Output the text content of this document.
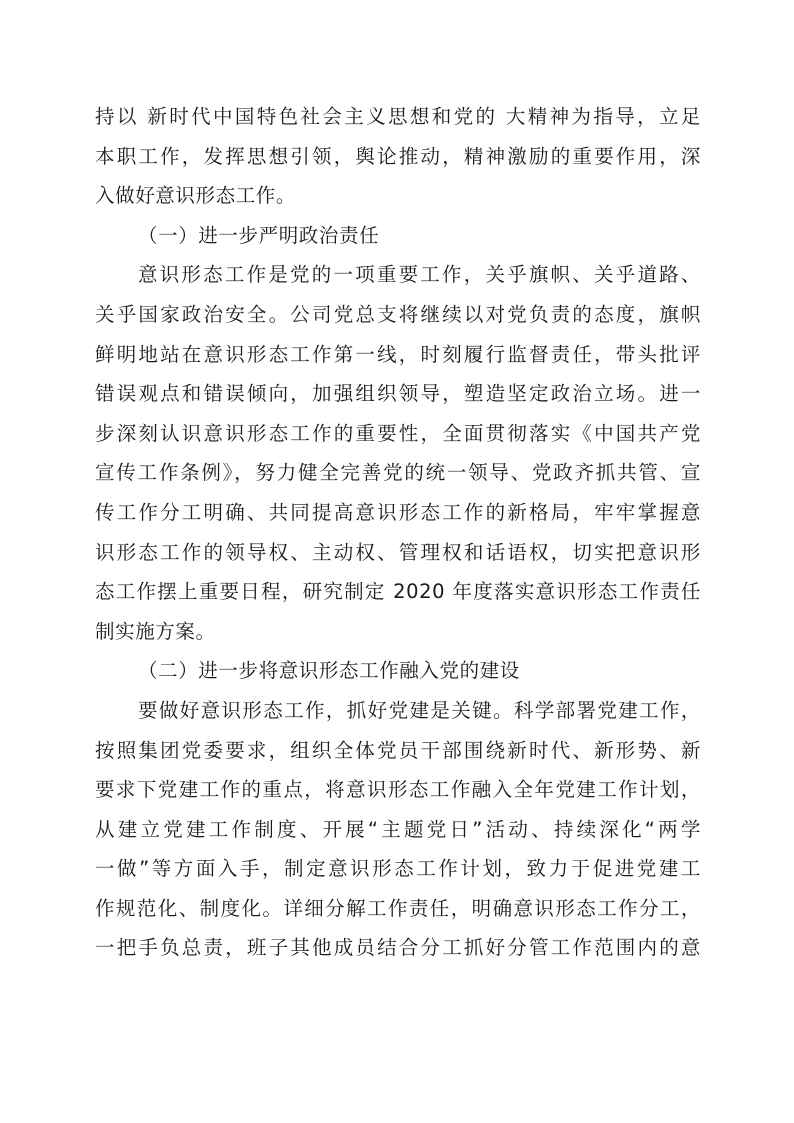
持以 新时代中国特色社会主义思想和党的 大精神为指导，立足
本职工作，发挥思想引领，舆论推动，精神激励的重要作用，深
入做好意识形态工作。
（一）进一步严明政治责任
意识形态工作是党的一项重要工作，关乎旗帜、关乎道路、
关乎国家政治安全。公司党总支将继续以对党负责的态度，旗帜
鲜明地站在意识形态工作第一线，时刻履行监督责任，带头批评
错误观点和错误倾向，加强组织领导，塑造坚定政治立场。进一
步深刻认识意识形态工作的重要性，全面贯彻落实《中国共产党
宣传工作条例》，努力健全完善党的统一领导、党政齐抓共管、宣
传工作分工明确、共同提高意识形态工作的新格局，牢牢掌握意
识形态工作的领导权、主动权、管理权和话语权，切实把意识形
态工作摆上重要日程，研究制定 2020 年度落实意识形态工作责任
制实施方案。
（二）进一步将意识形态工作融入党的建设
要做好意识形态工作，抓好党建是关键。科学部署党建工作，
按照集团党委要求，组织全体党员干部围绕新时代、新形势、新
要求下党建工作的重点，将意识形态工作融入全年党建工作计划，
从建立党建工作制度、开展“主题党日”活动、持续深化“两学
一做”等方面入手，制定意识形态工作计划，致力于促进党建工
作规范化、制度化。详细分解工作责任，明确意识形态工作分工，
一把手负总责，班子其他成员结合分工抓好分管工作范围内的意
